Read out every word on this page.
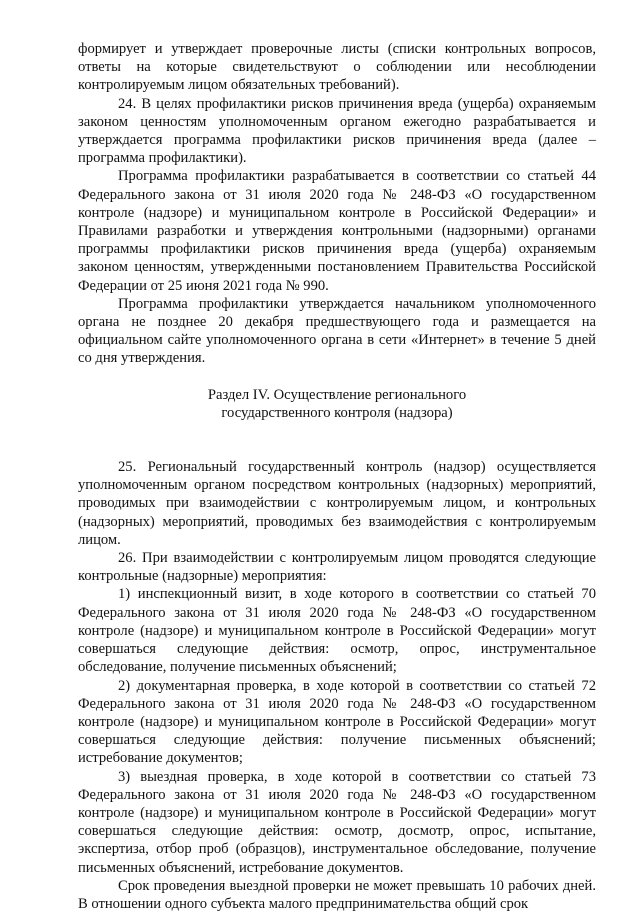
формирует и утверждает проверочные листы (списки контрольных вопросов, ответы на которые свидетельствуют о соблюдении или несоблюдении контролируемым лицом обязательных требований).

24. В целях профилактики рисков причинения вреда (ущерба) охраняемым законом ценностям уполномоченным органом ежегодно разрабатывается и утверждается программа профилактики рисков причинения вреда (далее – программа профилактики).

Программа профилактики разрабатывается в соответствии со статьей 44 Федерального закона от 31 июля 2020 года № 248-ФЗ «О государственном контроле (надзоре) и муниципальном контроле в Российской Федерации» и Правилами разработки и утверждения контрольными (надзорными) органами программы профилактики рисков причинения вреда (ущерба) охраняемым законом ценностям, утвержденными постановлением Правительства Российской Федерации от 25 июня 2021 года № 990.

Программа профилактики утверждается начальником уполномоченного органа не позднее 20 декабря предшествующего года и размещается на официальном сайте уполномоченного органа в сети «Интернет» в течение 5 дней со дня утверждения.

Раздел IV. Осуществление регионального
государственного контроля (надзора)

25. Региональный государственный контроль (надзор) осуществляется уполномоченным органом посредством контрольных (надзорных) мероприятий, проводимых при взаимодействии с контролируемым лицом, и контрольных (надзорных) мероприятий, проводимых без взаимодействия с контролируемым лицом.

26. При взаимодействии с контролируемым лицом проводятся следующие контрольные (надзорные) мероприятия:

1) инспекционный визит, в ходе которого в соответствии со статьей 70 Федерального закона от 31 июля 2020 года № 248-ФЗ «О государственном контроле (надзоре) и муниципальном контроле в Российской Федерации» могут совершаться следующие действия: осмотр, опрос, инструментальное обследование, получение письменных объяснений;

2) документарная проверка, в ходе которой в соответствии со статьей 72 Федерального закона от 31 июля 2020 года № 248-ФЗ «О государственном контроле (надзоре) и муниципальном контроле в Российской Федерации» могут совершаться следующие действия: получение письменных объяснений; истребование документов;

3) выездная проверка, в ходе которой в соответствии со статьей 73 Федерального закона от 31 июля 2020 года № 248-ФЗ «О государственном контроле (надзоре) и муниципальном контроле в Российской Федерации» могут совершаться следующие действия: осмотр, досмотр, опрос, испытание, экспертиза, отбор проб (образцов), инструментальное обследование, получение письменных объяснений, истребование документов.

Срок проведения выездной проверки не может превышать 10 рабочих дней. В отношении одного субъекта малого предпринимательства общий срок
